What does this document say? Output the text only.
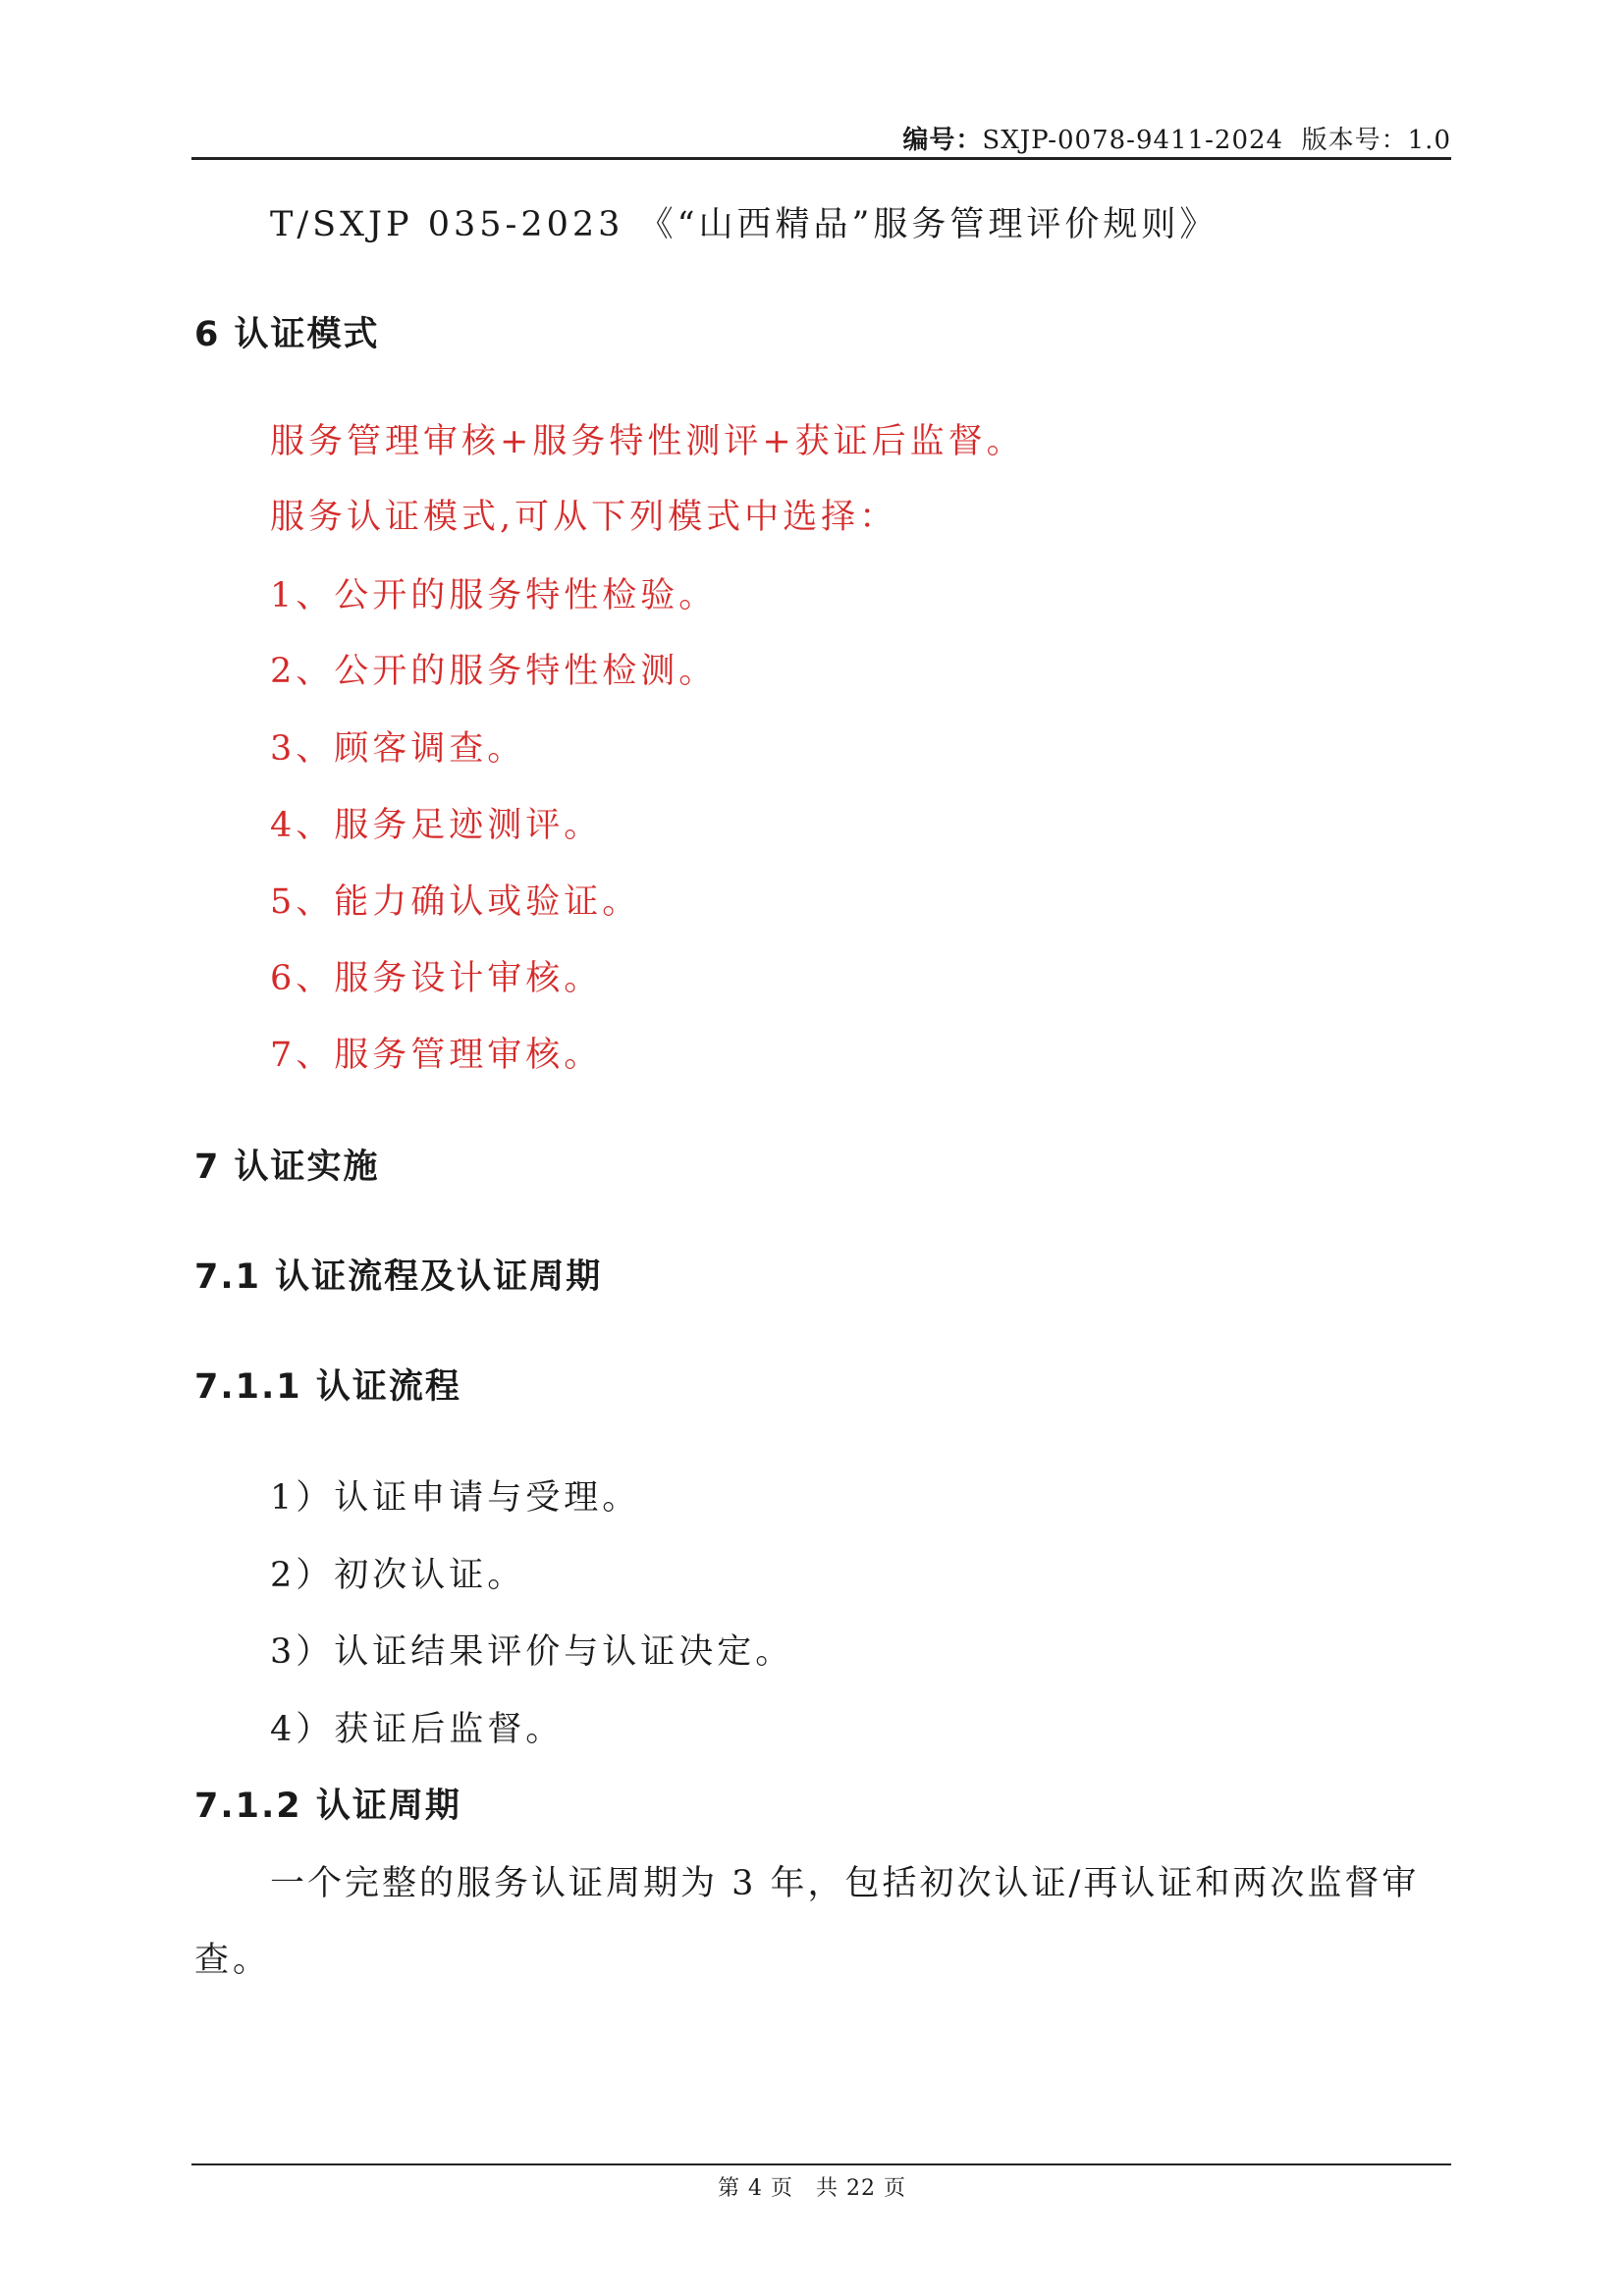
编号：SXJP-0078-9411-2024 版本号：1.0
T/SXJP 035-2023 《“山西精品”服务管理评价规则》
6 认证模式
服务管理审核+服务特性测评+获证后监督。
服务认证模式,可从下列模式中选择：
1、公开的服务特性检验。
2、公开的服务特性检测。
3、顾客调查。
4、服务足迹测评。
5、能力确认或验证。
6、服务设计审核。
7、服务管理审核。
7 认证实施
7.1 认证流程及认证周期
7.1.1 认证流程
1）认证申请与受理。
2）初次认证。
3）认证结果评价与认证决定。
4）获证后监督。
7.1.2 认证周期
一个完整的服务认证周期为 3 年，包括初次认证/再认证和两次监督审
查。
第 4 页　共 22 页
